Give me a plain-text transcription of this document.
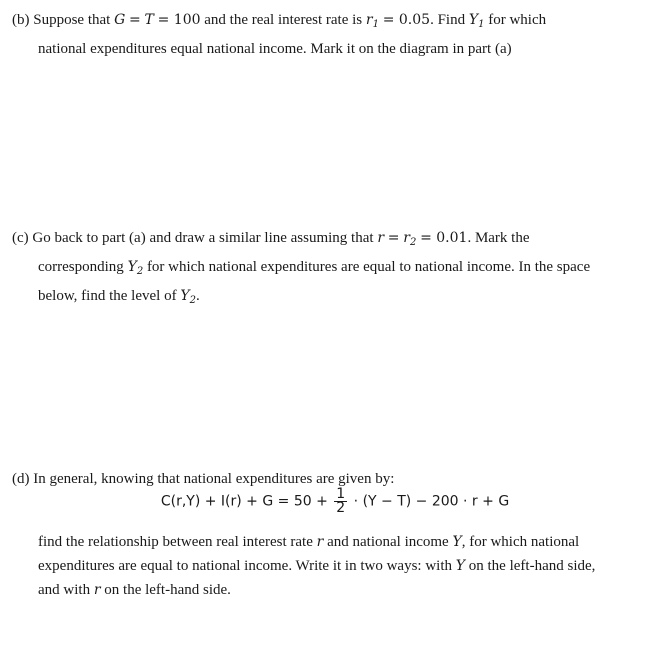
(b) Suppose that G = T = 100 and the real interest rate is $r_1 = 0.05$. Find $Y_1$ for which
national expenditures equal national income. Mark it on the diagram in part (a)
(c) Go back to part (a) and draw a similar line assuming that $r = r_2 = 0.01$. Mark the
corresponding $Y_2$ for which national expenditures are equal to national income. In the space
below, find the level of $Y_2$.
(d) In general, knowing that national expenditures are given by:
$C(r,Y) + I(r) + G = 50 + \frac{1}{2} \cdot (Y - T) - 200 \cdot r + G$
find the relationship between real interest rate r and national income Y, for which national
expenditures are equal to national income. Write it in two ways: with Y on the left-hand side,
and with r on the left-hand side.
